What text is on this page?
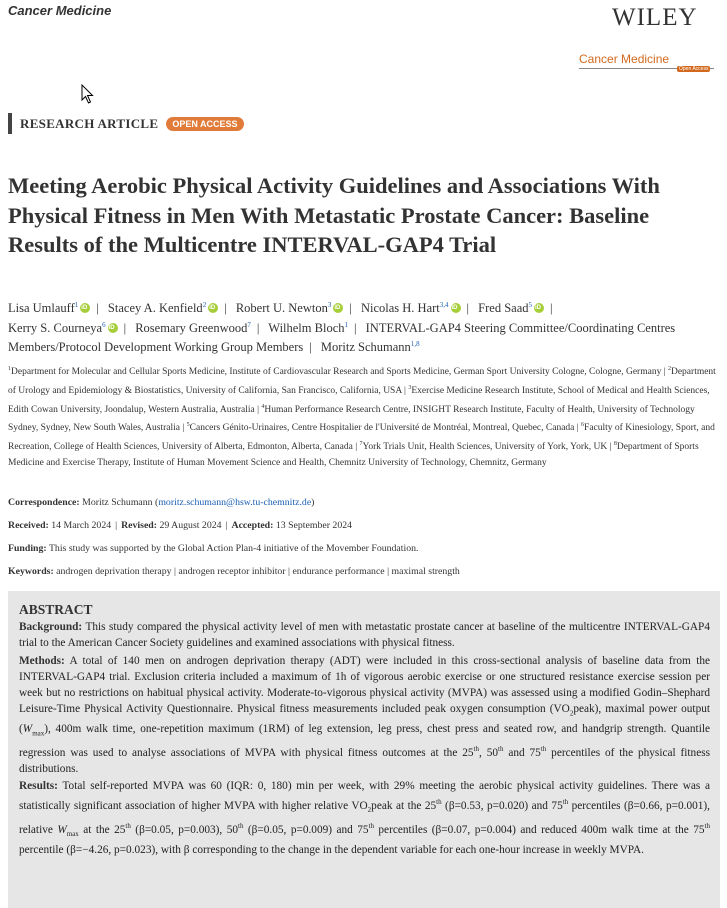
Cancer Medicine	WILEY
Cancer Medicine
Open Access
RESEARCH ARTICLE	OPEN ACCESS
Meeting Aerobic Physical Activity Guidelines and Associations With Physical Fitness in Men With Metastatic Prostate Cancer: Baseline Results of the Multicentre INTERVAL-GAP4 Trial
Lisa Umlauff$^1$ iD | Stacey A. Kenfield$^2$ iD | Robert U. Newton$^3$ iD | Nicolas H. Hart$^{3,4}$ iD | Fred Saad$^5$ iD |
Kerry S. Courneya$^6$ iD | Rosemary Greenwood$^7$ | Wilhelm Bloch$^1$ | INTERVAL-GAP4 Steering Committee/Coordinating Centres Members/Protocol Development Working Group Members | Moritz Schumann$^{1,8}$
$^1$Department for Molecular and Cellular Sports Medicine, Institute of Cardiovascular Research and Sports Medicine, German Sport University Cologne, Cologne, Germany | $^2$Department of Urology and Epidemiology & Biostatistics, University of California, San Francisco, California, USA | $^3$Exercise Medicine Research Institute, School of Medical and Health Sciences, Edith Cowan University, Joondalup, Western Australia, Australia | $^4$Human Performance Research Centre, INSIGHT Research Institute, Faculty of Health, University of Technology Sydney, Sydney, New South Wales, Australia | $^5$Cancers Génito-Urinaires, Centre Hospitalier de l'Université de Montréal, Montreal, Quebec, Canada | $^6$Faculty of Kinesiology, Sport, and Recreation, College of Health Sciences, University of Alberta, Edmonton, Alberta, Canada | $^7$York Trials Unit, Health Sciences, University of York, York, UK | $^8$Department of Sports Medicine and Exercise Therapy, Institute of Human Movement Science and Health, Chemnitz University of Technology, Chemnitz, Germany
Correspondence: Moritz Schumann (moritz.schumann@hsw.tu-chemnitz.de)
Received: 14 March 2024 | Revised: 29 August 2024 | Accepted: 13 September 2024
Funding: This study was supported by the Global Action Plan-4 initiative of the Movember Foundation.
Keywords: androgen deprivation therapy | androgen receptor inhibitor | endurance performance | maximal strength
ABSTRACT

Background: This study compared the physical activity level of men with metastatic prostate cancer at baseline of the multicentre INTERVAL-GAP4 trial to the American Cancer Society guidelines and examined associations with physical fitness.

Methods: A total of 140 men on androgen deprivation therapy (ADT) were included in this cross-sectional analysis of baseline data from the INTERVAL-GAP4 trial. Exclusion criteria included a maximum of 1h of vigorous aerobic exercise or one structured resistance exercise session per week but no restrictions on habitual physical activity. Moderate-to-vigorous physical activity (MVPA) was assessed using a modified Godin–Shephard Leisure-Time Physical Activity Questionnaire. Physical fitness measurements included peak oxygen consumption $(VO_2peak)$, maximal power output $(W_{max})$, 400m walk time, one-repetition maximum (1RM) of leg extension, leg press, chest press and seated row, and handgrip strength. Quantile regression was used to analyse associations of MVPA with physical fitness outcomes at the 25th, 50th and 75th percentiles of the physical fitness distributions.

Results: Total self-reported MVPA was 60 (IQR: 0, 180) min per week, with 29% meeting the aerobic physical activity guidelines. There was a statistically significant association of higher MVPA with higher relative $VO_2peak$ at the 25th (β=0.53, p=0.020) and 75th percentiles (β=0.66, p=0.001), relative $W_{max}$ at the 25th (β=0.05, p=0.003), 50th (β=0.05, p=0.009) and 75th percentiles (β=0.07, p=0.004) and reduced 400m walk time at the 75th percentile (β=−4.26, p=0.023), with β corresponding to the change in the dependent variable for each one-hour increase in weekly MVPA.
